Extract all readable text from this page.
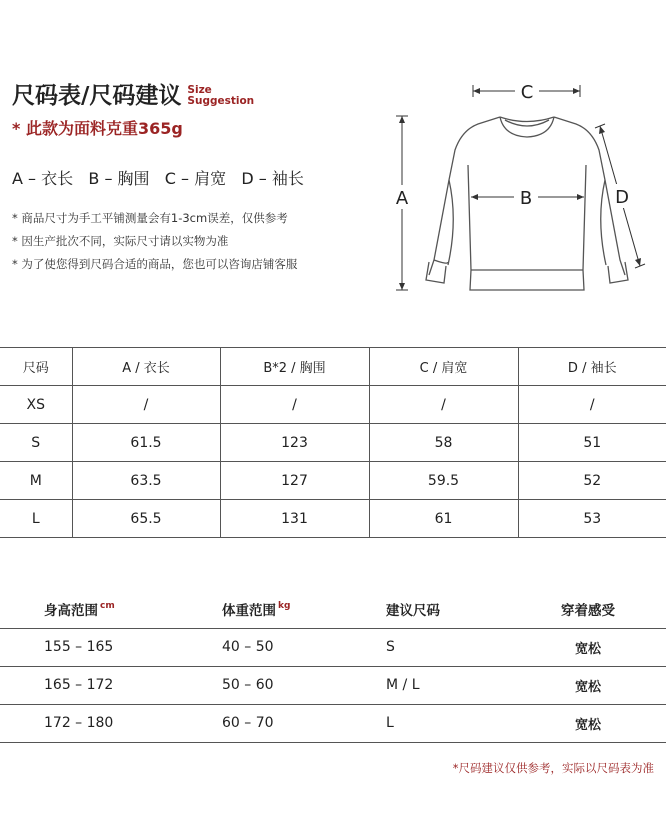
尺码表/尺码建议 Size
Suggestion
* 此款为面料克重365g
A – 衣长   B – 胸围   C – 肩宽   D – 袖长
* 商品尺寸为手工平铺测量会有1-3cm误差，仅供参考
* 因生产批次不同，实际尺寸请以实物为准
* 为了使您得到尺码合适的商品，您也可以咨询店铺客服
C
A	B	D
尺码	A / 衣长	B*2 / 胸围	C / 肩宽	D / 袖长
XS	/	/	/	/
S	61.5	123	58	51
M	63.5	127	59.5	52
L	65.5	131	61	53
身高范围 $^{cm}$	体重范围 $^{kg}$	建议尺码	穿着感受
155 – 165	40 – 50	S	宽松
165 – 172	50 – 60	M / L	宽松
172 – 180	60 – 70	L	宽松
*尺码建议仅供参考，实际以尺码表为准
